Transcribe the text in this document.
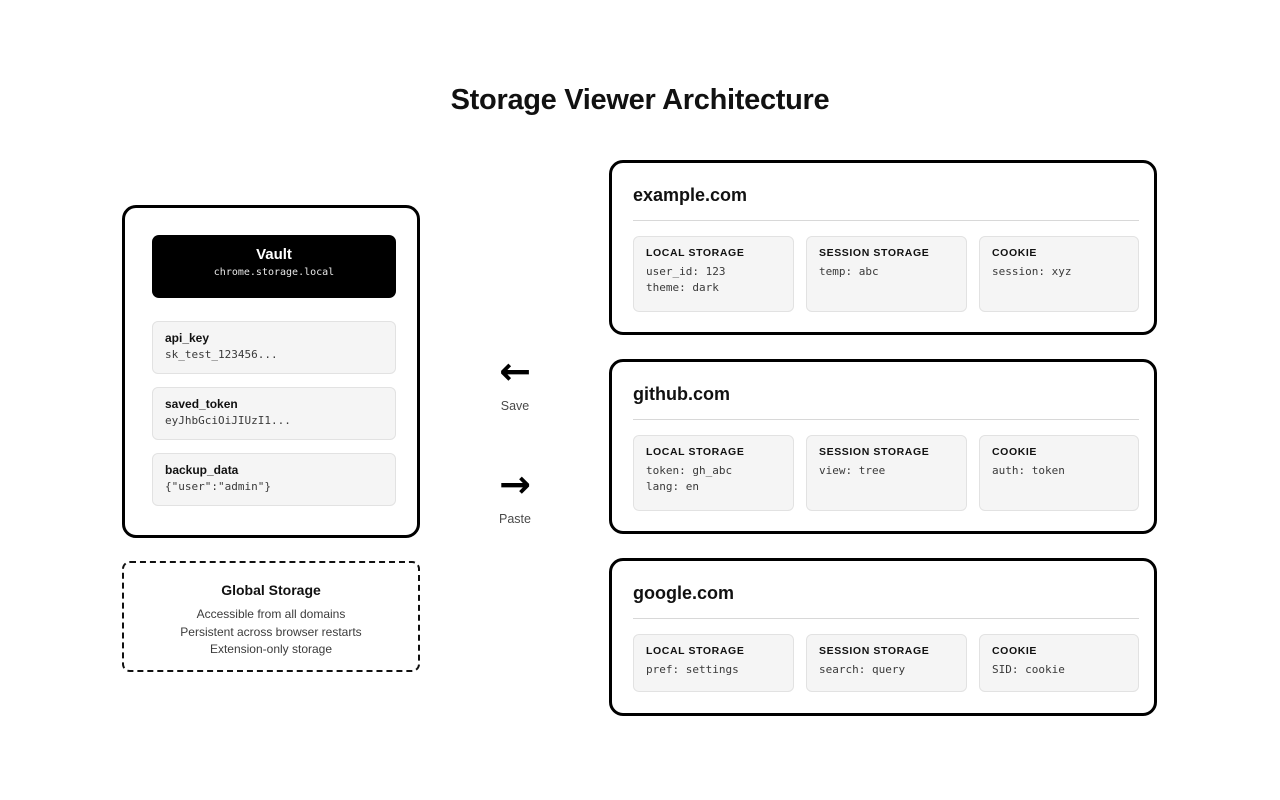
Storage Viewer Architecture
Vault
chrome.storage.local
api_key
sk_test_123456...
saved_token
eyJhbGciOiJIUzI1...
backup_data
{"user":"admin"}
Global Storage
Accessible from all domains
Persistent across browser restarts
Extension-only storage
←
Save
→
Paste
example.com
LOCAL STORAGE
user_id: 123
theme: dark
SESSION STORAGE
temp: abc
COOKIE
session: xyz
github.com
LOCAL STORAGE
token: gh_abc
lang: en
SESSION STORAGE
view: tree
COOKIE
auth: token
google.com
LOCAL STORAGE
pref: settings
SESSION STORAGE
search: query
COOKIE
SID: cookie
